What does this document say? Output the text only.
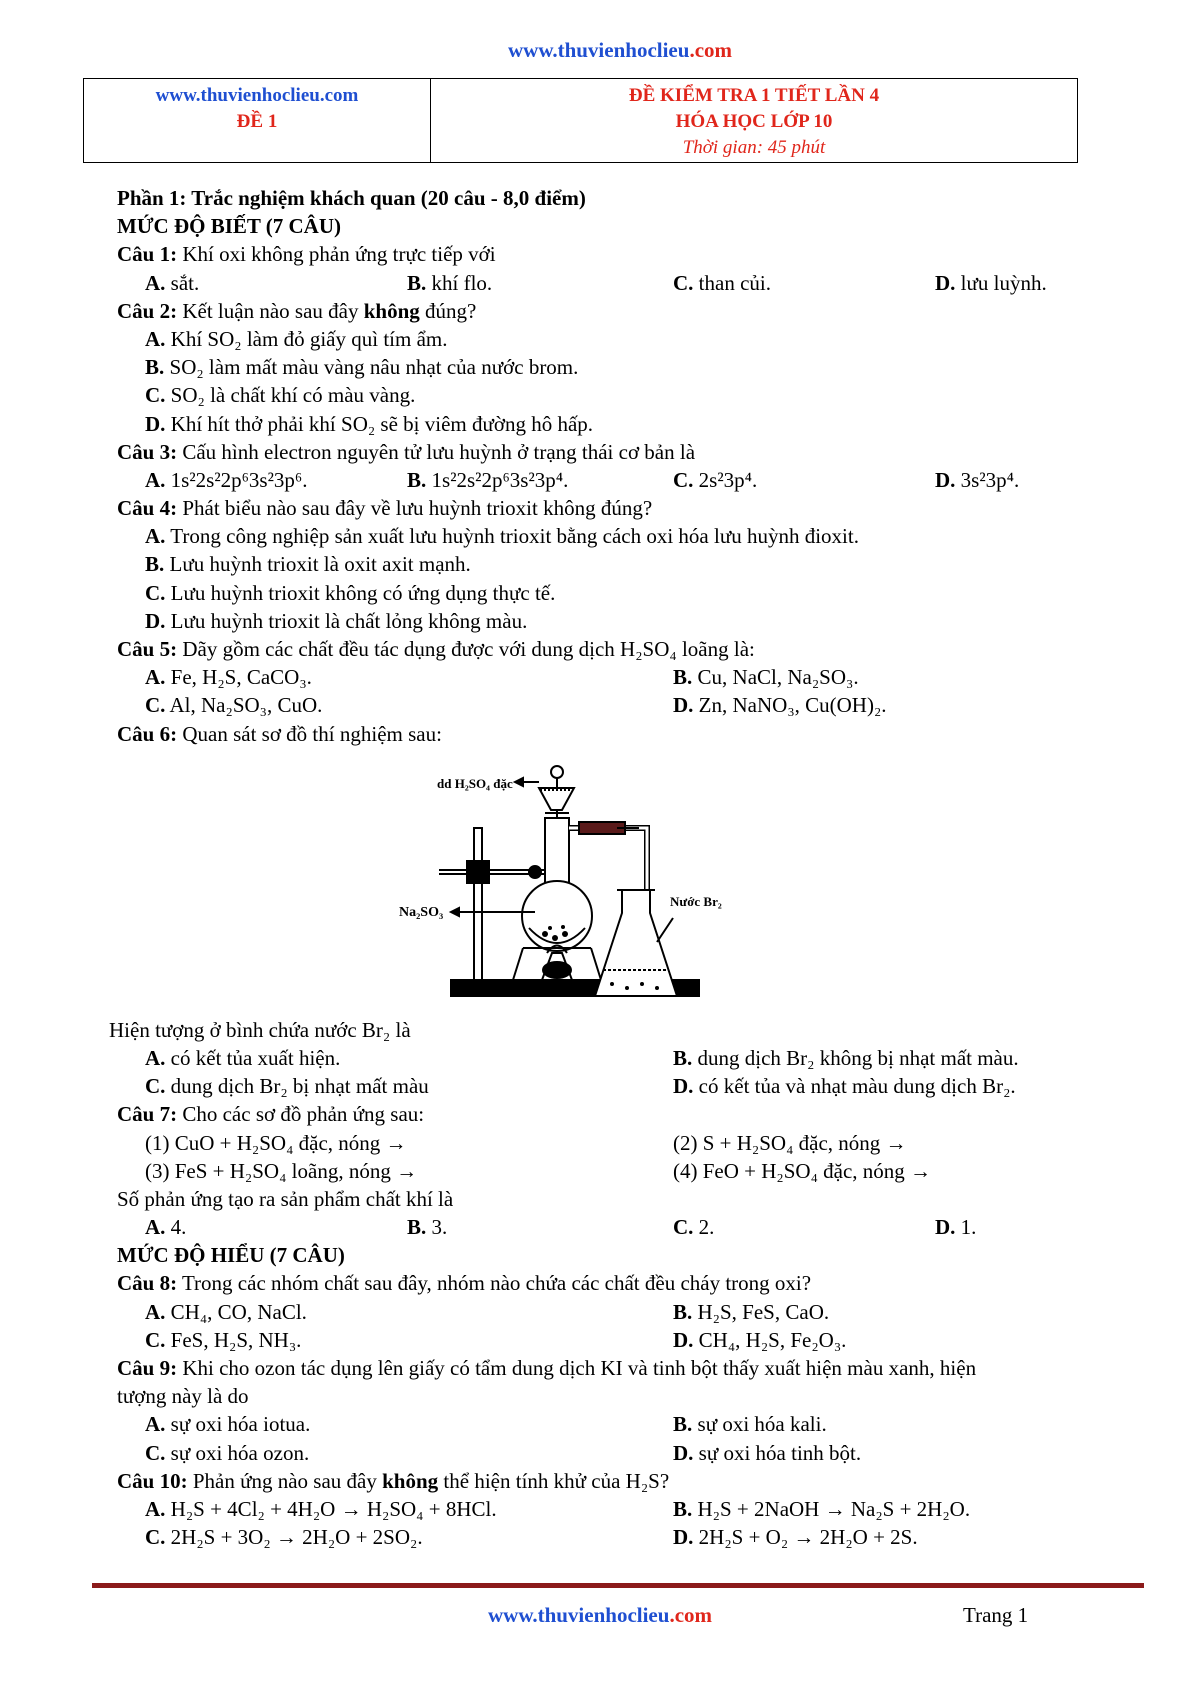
www.thuvienhoclieu.com
www.thuvienhoclieu.com
ĐỀ 1

ĐỀ KIỂM TRA 1 TIẾT LẦN 4
HÓA HỌC LỚP 10
Thời gian: 45 phút
Phần 1: Trắc nghiệm khách quan (20 câu - 8,0 điểm)
MỨC ĐỘ BIẾT (7 CÂU)
Câu 1: Khí oxi không phản ứng trực tiếp với
A. sắt.	B. khí flo.	C. than củi.	D. lưu luỳnh.
Câu 2: Kết luận nào sau đây không đúng?
A. Khí SO₂ làm đỏ giấy quì tím ẩm.
B. SO₂ làm mất màu vàng nâu nhạt của nước brom.
C. SO₂ là chất khí có màu vàng.
D. Khí hít thở phải khí SO₂ sẽ bị viêm đường hô hấp.
Câu 3: Cấu hình electron nguyên tử lưu huỳnh ở trạng thái cơ bản là
A. 1s²2s²2p⁶3s²3p⁶.	B. 1s²2s²2p⁶3s²3p⁴.	C. 2s²3p⁴.	D. 3s²3p⁴.
Câu 4: Phát biểu nào sau đây về lưu huỳnh trioxit không đúng?
A. Trong công nghiệp sản xuất lưu huỳnh trioxit bằng cách oxi hóa lưu huỳnh đioxit.
B. Lưu huỳnh trioxit là oxit axit mạnh.
C. Lưu huỳnh trioxit không có ứng dụng thực tế.
D. Lưu huỳnh trioxit là chất lỏng không màu.
Câu 5: Dãy gồm các chất đều tác dụng được với dung dịch H₂SO₄ loãng là:
A. Fe, H₂S, CaCO₃.	B. Cu, NaCl, Na₂SO₃.
C. Al, Na₂SO₃, CuO.	D. Zn, NaNO₃, Cu(OH)₂.
Câu 6: Quan sát sơ đồ thí nghiệm sau:
dd H₂SO₄ đặc
Na₂SO₃
Nước Br₂
Hiện tượng ở bình chứa nước Br₂ là
A. có kết tủa xuất hiện.	B. dung dịch Br₂ không bị nhạt mất màu.
C. dung dịch Br₂ bị nhạt mất màu	D. có kết tủa và nhạt màu dung dịch Br₂.
Câu 7: Cho các sơ đồ phản ứng sau:
(1) CuO + H₂SO₄ đặc, nóng →	(2) S + H₂SO₄ đặc, nóng →
(3) FeS + H₂SO₄ loãng, nóng →	(4) FeO + H₂SO₄ đặc, nóng →
Số phản ứng tạo ra sản phẩm chất khí là
A. 4.	B. 3.	C. 2.	D. 1.
MỨC ĐỘ HIỂU (7 CÂU)
Câu 8: Trong các nhóm chất sau đây, nhóm nào chứa các chất đều cháy trong oxi?
A. CH₄, CO, NaCl.	B. H₂S, FeS, CaO.
C. FeS, H₂S, NH₃.	D. CH₄, H₂S, Fe₂O₃.
Câu 9: Khi cho ozon tác dụng lên giấy có tẩm dung dịch KI và tinh bột thấy xuất hiện màu xanh, hiện
tượng này là do
A. sự oxi hóa iotua.	B. sự oxi hóa kali.
C. sự oxi hóa ozon.	D. sự oxi hóa tinh bột.
Câu 10: Phản ứng nào sau đây không thể hiện tính khử của H₂S?
A. H₂S + 4Cl₂ + 4H₂O → H₂SO₄ + 8HCl.	B. H₂S + 2NaOH → Na₂S + 2H₂O.
C. 2H₂S + 3O₂ → 2H₂O + 2SO₂.	D. 2H₂S + O₂ → 2H₂O + 2S.
www.thuvienhoclieu.com	Trang 1
